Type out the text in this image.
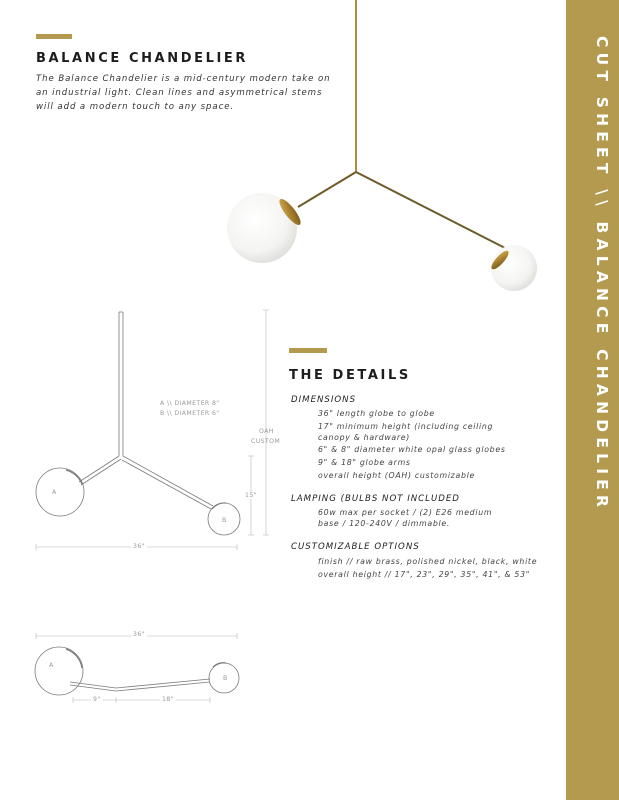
CUT SHEET \\ BALANCE CHANDELIER
BALANCE CHANDELIER
The Balance Chandelier is a mid-century modern take on an industrial light. Clean lines and asymmetrical stems will add a modern touch to any space.
A \\ DIAMETER 8"
B \\ DIAMETER 6"
OAH
CUSTOM
15"
36"
A
B
36"
9"	18"
A
B
THE DETAILS
DIMENSIONS
36" length globe to globe
17" minimum height (including ceiling canopy & hardware)
6" & 8" diameter white opal glass globes
9" & 18" globe arms
overall height (OAH) customizable
LAMPING (BULBS NOT INCLUDED
60w max per socket / (2) E26 medium base / 120-240V / dimmable.
CUSTOMIZABLE OPTIONS
finish // raw brass, polished nickel, black, white
overall height // 17", 23", 29", 35", 41", & 53"
